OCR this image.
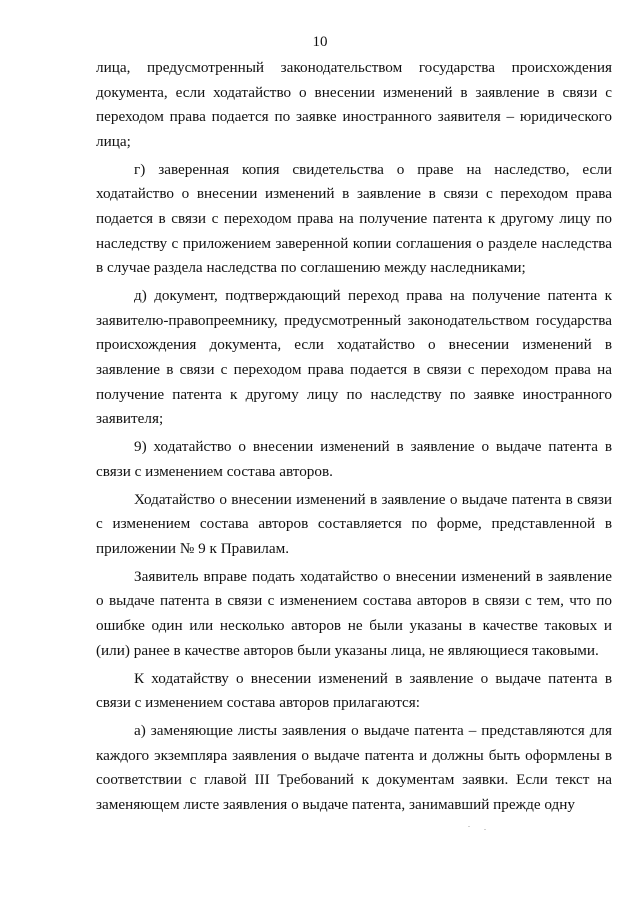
10

лица, предусмотренный законодательством государства происхождения документа, если ходатайство о внесении изменений в заявление в связи с переходом права подается по заявке иностранного заявителя – юридического лица;

г) заверенная копия свидетельства о праве на наследство, если ходатайство о внесении изменений в заявление в связи с переходом права подается в связи с переходом права на получение патента к другому лицу по наследству с приложением заверенной копии соглашения о разделе наследства в случае раздела наследства по соглашению между наследниками;

д) документ, подтверждающий переход права на получение патента к заявителю-правопреемнику, предусмотренный законодательством государства происхождения документа, если ходатайство о внесении изменений в заявление в связи с переходом права подается в связи с переходом права на получение патента к другому лицу по наследству по заявке иностранного заявителя;

9) ходатайство о внесении изменений в заявление о выдаче патента в связи с изменением состава авторов.

Ходатайство о внесении изменений в заявление о выдаче патента в связи с изменением состава авторов составляется по форме, представленной в приложении № 9 к Правилам.

Заявитель вправе подать ходатайство о внесении изменений в заявление о выдаче патента в связи с изменением состава авторов в связи с тем, что по ошибке один или несколько авторов не были указаны в качестве таковых и (или) ранее в качестве авторов были указаны лица, не являющиеся таковыми.

К ходатайству о внесении изменений в заявление о выдаче патента в связи с изменением состава авторов прилагаются:

а) заменяющие листы заявления о выдаче патента – представляются для каждого экземпляра заявления о выдаче патента и должны быть оформлены в соответствии с главой III Требований к документам заявки. Если текст на заменяющем листе заявления о выдаче патента, занимавший прежде одну
